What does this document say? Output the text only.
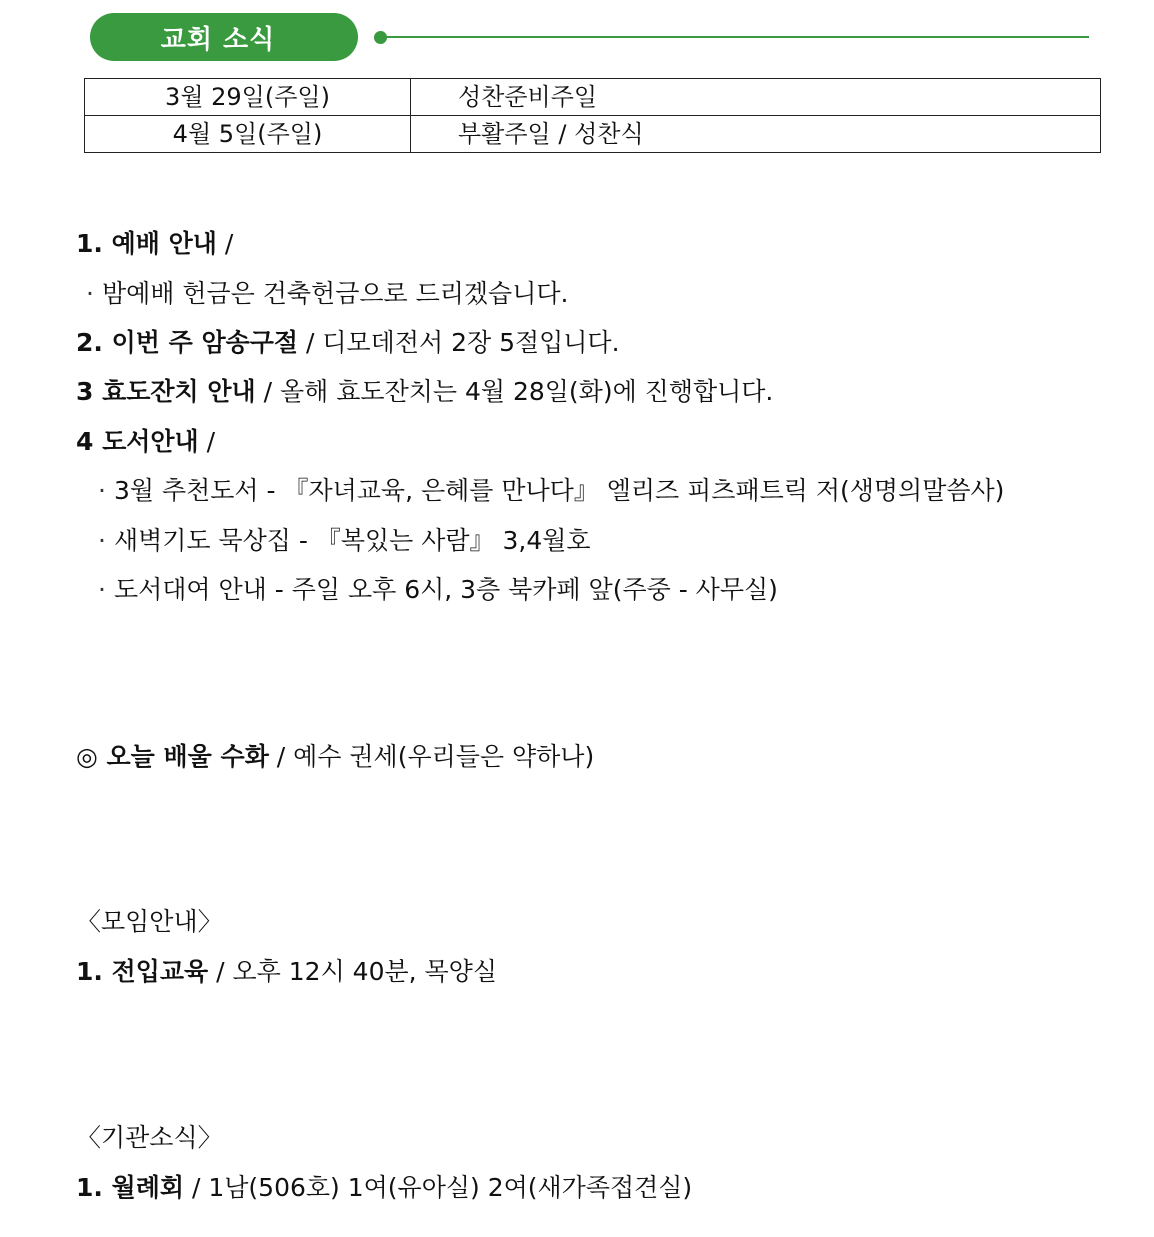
교회 소식
3월 29일(주일)	성찬준비주일
4월 5일(주일)	부활주일 / 성찬식
1. 예배 안내 /
· 밤예배 헌금은 건축헌금으로 드리겠습니다.
2. 이번 주 암송구절 / 디모데전서 2장 5절입니다.
3 효도잔치 안내 / 올해 효도잔치는 4월 28일(화)에 진행합니다.
4 도서안내 /
· 3월 추천도서 - 『자녀교육, 은혜를 만나다』 엘리즈 피츠패트릭 저(생명의말씀사)
· 새벽기도 묵상집 - 『복있는 사람』 3,4월호
· 도서대여 안내 - 주일 오후 6시, 3층 북카페 앞(주중 - 사무실)
◎ 오늘 배울 수화 / 예수 권세(우리들은 약하나)
〈모임안내〉
1. 전입교육 / 오후 12시 40분, 목양실
〈기관소식〉
1. 월례회 / 1남(506호) 1여(유아실) 2여(새가족접견실)
